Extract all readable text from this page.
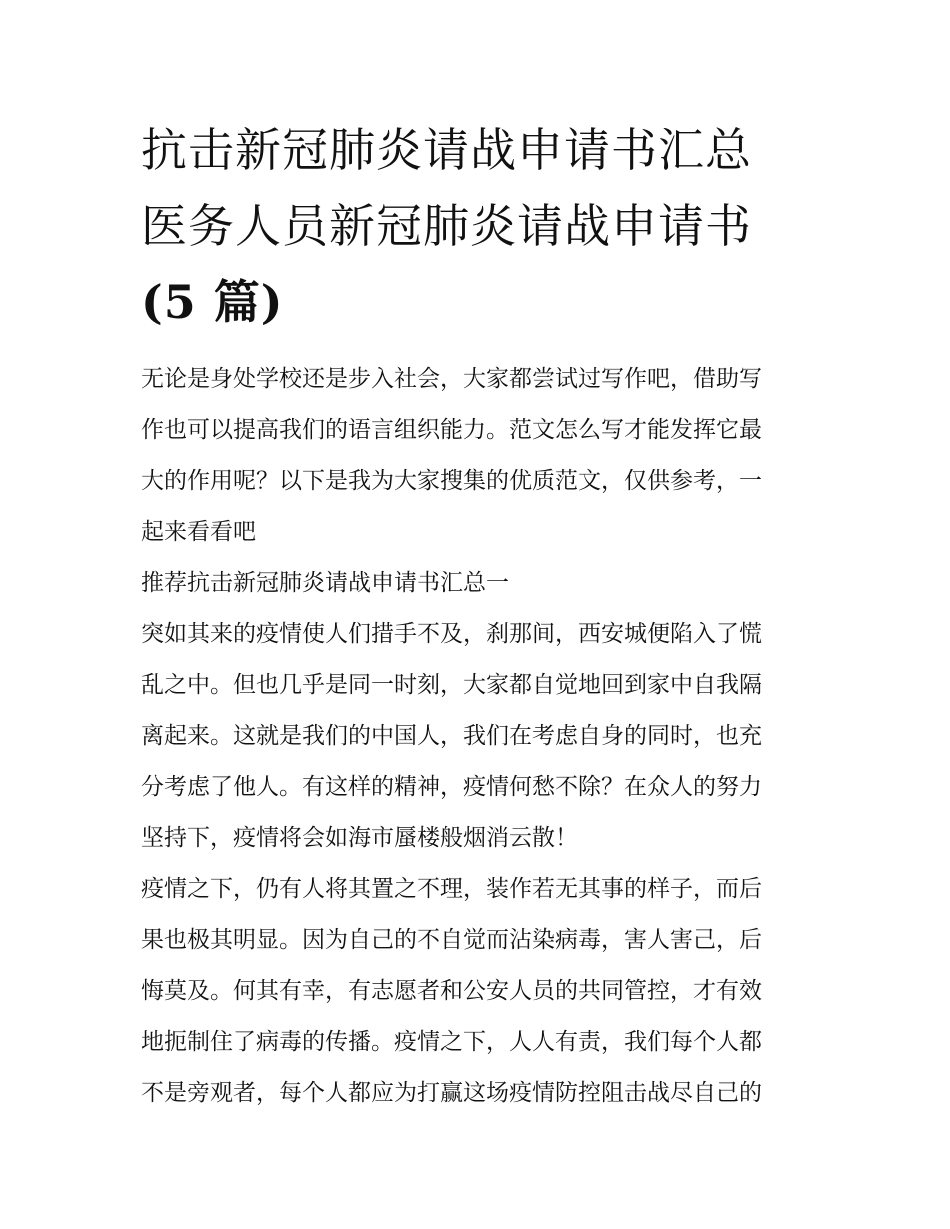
抗击新冠肺炎请战申请书汇总
医务人员新冠肺炎请战申请书
(5 篇)

无论是身处学校还是步入社会，大家都尝试过写作吧，借助写
作也可以提高我们的语言组织能力。范文怎么写才能发挥它最
大的作用呢？以下是我为大家搜集的优质范文，仅供参考，一
起来看看吧

推荐抗击新冠肺炎请战申请书汇总一

突如其来的疫情使人们措手不及，刹那间，西安城便陷入了慌
乱之中。但也几乎是同一时刻，大家都自觉地回到家中自我隔
离起来。这就是我们的中国人，我们在考虑自身的同时，也充
分考虑了他人。有这样的精神，疫情何愁不除？在众人的努力
坚持下，疫情将会如海市蜃楼般烟消云散！

疫情之下，仍有人将其置之不理，装作若无其事的样子，而后
果也极其明显。因为自己的不自觉而沾染病毒，害人害己，后
悔莫及。何其有幸，有志愿者和公安人员的共同管控，才有效
地扼制住了病毒的传播。疫情之下，人人有责，我们每个人都
不是旁观者，每个人都应为打赢这场疫情防控阻击战尽自己的
